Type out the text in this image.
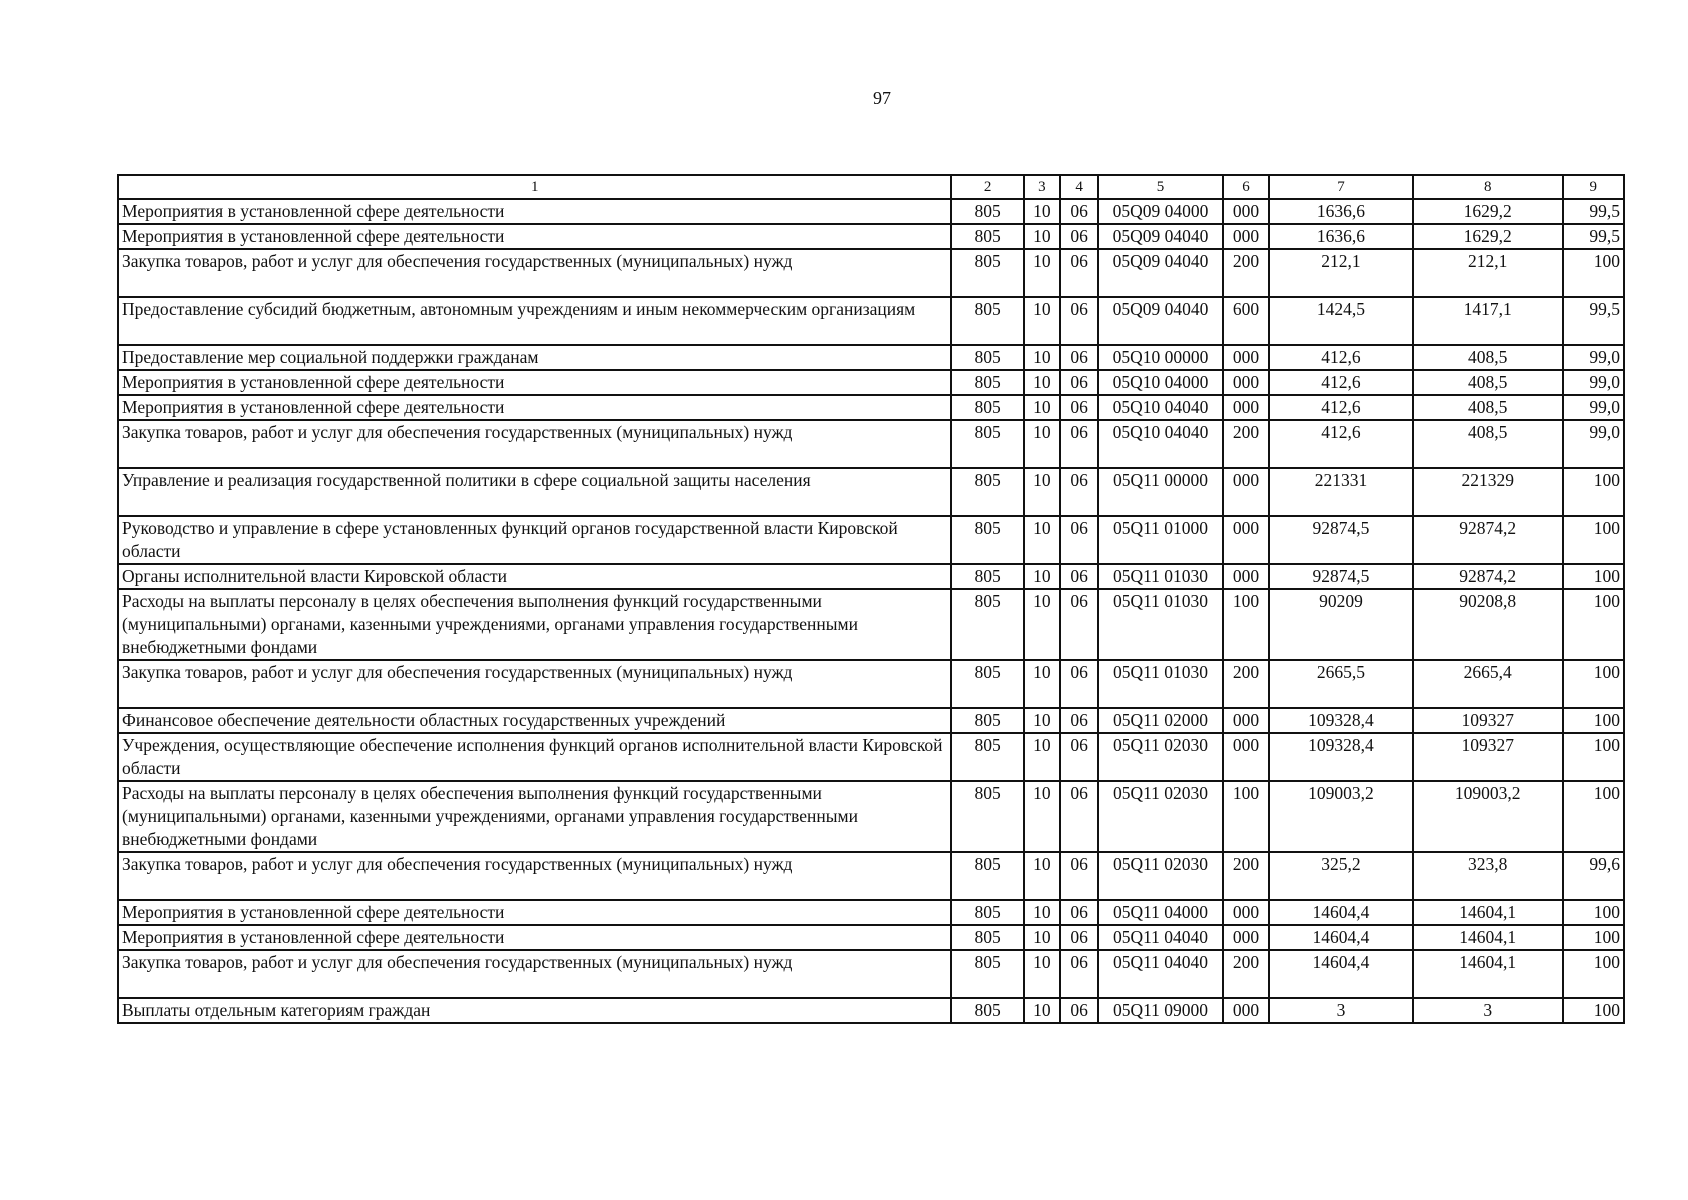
97
1	2	3	4	5	6	7	8	9
Мероприятия в установленной сфере деятельности	805	10	06	05Q09 04000	000	1636,6	1629,2	99,5
Мероприятия в установленной сфере деятельности	805	10	06	05Q09 04040	000	1636,6	1629,2	99,5
Закупка товаров, работ и услуг для обеспечения государственных (муниципальных) нужд	805	10	06	05Q09 04040	200	212,1	212,1	100
Предоставление субсидий бюджетным, автономным учреждениям и иным некоммерческим организациям	805	10	06	05Q09 04040	600	1424,5	1417,1	99,5
Предоставление мер социальной поддержки гражданам	805	10	06	05Q10 00000	000	412,6	408,5	99,0
Мероприятия в установленной сфере деятельности	805	10	06	05Q10 04000	000	412,6	408,5	99,0
Мероприятия в установленной сфере деятельности	805	10	06	05Q10 04040	000	412,6	408,5	99,0
Закупка товаров, работ и услуг для обеспечения государственных (муниципальных) нужд	805	10	06	05Q10 04040	200	412,6	408,5	99,0
Управление и реализация государственной политики в сфере социальной защиты населения	805	10	06	05Q11 00000	000	221331	221329	100
Руководство и управление в сфере установленных функций органов государственной власти Кировской области	805	10	06	05Q11 01000	000	92874,5	92874,2	100
Органы исполнительной власти Кировской области	805	10	06	05Q11 01030	000	92874,5	92874,2	100
Расходы на выплаты персоналу в целях обеспечения выполнения функций государственными (муниципальными) органами, казенными учреждениями, органами управления государственными внебюджетными фондами	805	10	06	05Q11 01030	100	90209	90208,8	100
Закупка товаров, работ и услуг для обеспечения государственных (муниципальных) нужд	805	10	06	05Q11 01030	200	2665,5	2665,4	100
Финансовое обеспечение деятельности областных государственных учреждений	805	10	06	05Q11 02000	000	109328,4	109327	100
Учреждения, осуществляющие обеспечение исполнения функций органов исполнительной власти Кировской области	805	10	06	05Q11 02030	000	109328,4	109327	100
Расходы на выплаты персоналу в целях обеспечения выполнения функций государственными (муниципальными) органами, казенными учреждениями, органами управления государственными внебюджетными фондами	805	10	06	05Q11 02030	100	109003,2	109003,2	100
Закупка товаров, работ и услуг для обеспечения государственных (муниципальных) нужд	805	10	06	05Q11 02030	200	325,2	323,8	99,6
Мероприятия в установленной сфере деятельности	805	10	06	05Q11 04000	000	14604,4	14604,1	100
Мероприятия в установленной сфере деятельности	805	10	06	05Q11 04040	000	14604,4	14604,1	100
Закупка товаров, работ и услуг для обеспечения государственных (муниципальных) нужд	805	10	06	05Q11 04040	200	14604,4	14604,1	100
Выплаты отдельным категориям граждан	805	10	06	05Q11 09000	000	3	3	100
